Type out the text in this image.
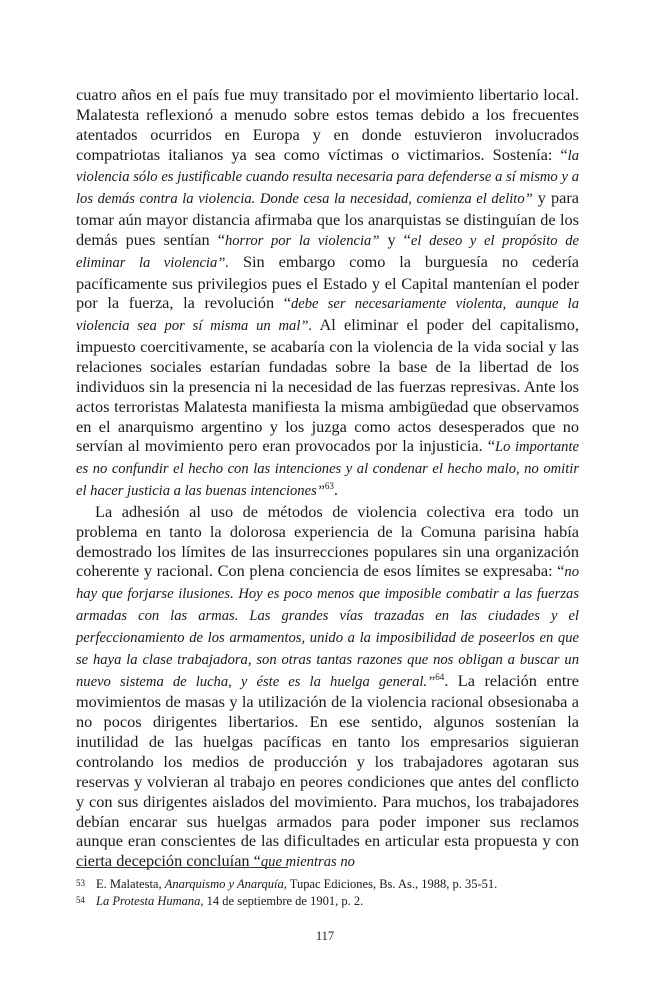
cuatro años en el país fue muy transitado por el movimiento libertario local. Malatesta reflexionó a menudo sobre estos temas debido a los frecuentes atentados ocurridos en Europa y en donde estuvieron involucrados compatriotas italianos ya sea como víctimas o victimarios. Sostenía: “la violencia sólo es justificable cuando resulta necesaria para defenderse a sí mismo y a los demás contra la violencia. Donde cesa la necesidad, comienza el delito” y para tomar aún mayor distancia afirmaba que los anarquistas se distinguían de los demás pues sentían “horror por la violencia” y “el deseo y el propósito de eliminar la violencia”. Sin embargo como la burguesía no cedería pacíficamente sus privilegios pues el Estado y el Capital mantenían el poder por la fuerza, la revolución “debe ser necesariamente violenta, aunque la violencia sea por sí misma un mal”. Al eliminar el poder del capitalismo, impuesto coercitivamente, se acabaría con la violencia de la vida social y las relaciones sociales estarían fundadas sobre la base de la libertad de los individuos sin la presencia ni la necesidad de las fuerzas represivas. Ante los actos terroristas Malatesta manifiesta la misma ambigüedad que observamos en el anarquismo argentino y los juzga como actos desesperados que no servían al movimiento pero eran provocados por la injusticia. “Lo importante es no confundir el hecho con las intenciones y al condenar el hecho malo, no omitir el hacer justicia a las buenas intenciones”$^{63}$.

La adhesión al uso de métodos de violencia colectiva era todo un problema en tanto la dolorosa experiencia de la Comuna parisina había demostrado los límites de las insurrecciones populares sin una organización coherente y racional. Con plena conciencia de esos límites se expresaba: “no hay que forjarse ilusiones. Hoy es poco menos que imposible combatir a las fuerzas armadas con las armas. Las grandes vías trazadas en las ciudades y el perfeccionamiento de los armamentos, unido a la imposibilidad de poseerlos en que se haya la clase trabajadora, son otras tantas razones que nos obligan a buscar un nuevo sistema de lucha, y éste es la huelga general.”$^{64}$. La relación entre movimientos de masas y la utilización de la violencia racional obsesionaba a no pocos dirigentes libertarios. En ese sentido, algunos sostenían la inutilidad de las huelgas pacíficas en tanto los empresarios siguieran controlando los medios de producción y los trabajadores agotaran sus reservas y volvieran al trabajo en peores condiciones que antes del conflicto y con sus dirigentes aislados del movimiento. Para muchos, los trabajadores debían encarar sus huelgas armados para poder imponer sus reclamos aunque eran conscientes de las dificultades en articular esta propuesta y con cierta decepción concluían “que mientras no

53 E. Malatesta, Anarquismo y Anarquía, Tupac Ediciones, Bs. As., 1988, p. 35-51.
54 La Protesta Humana, 14 de septiembre de 1901, p. 2.
117
